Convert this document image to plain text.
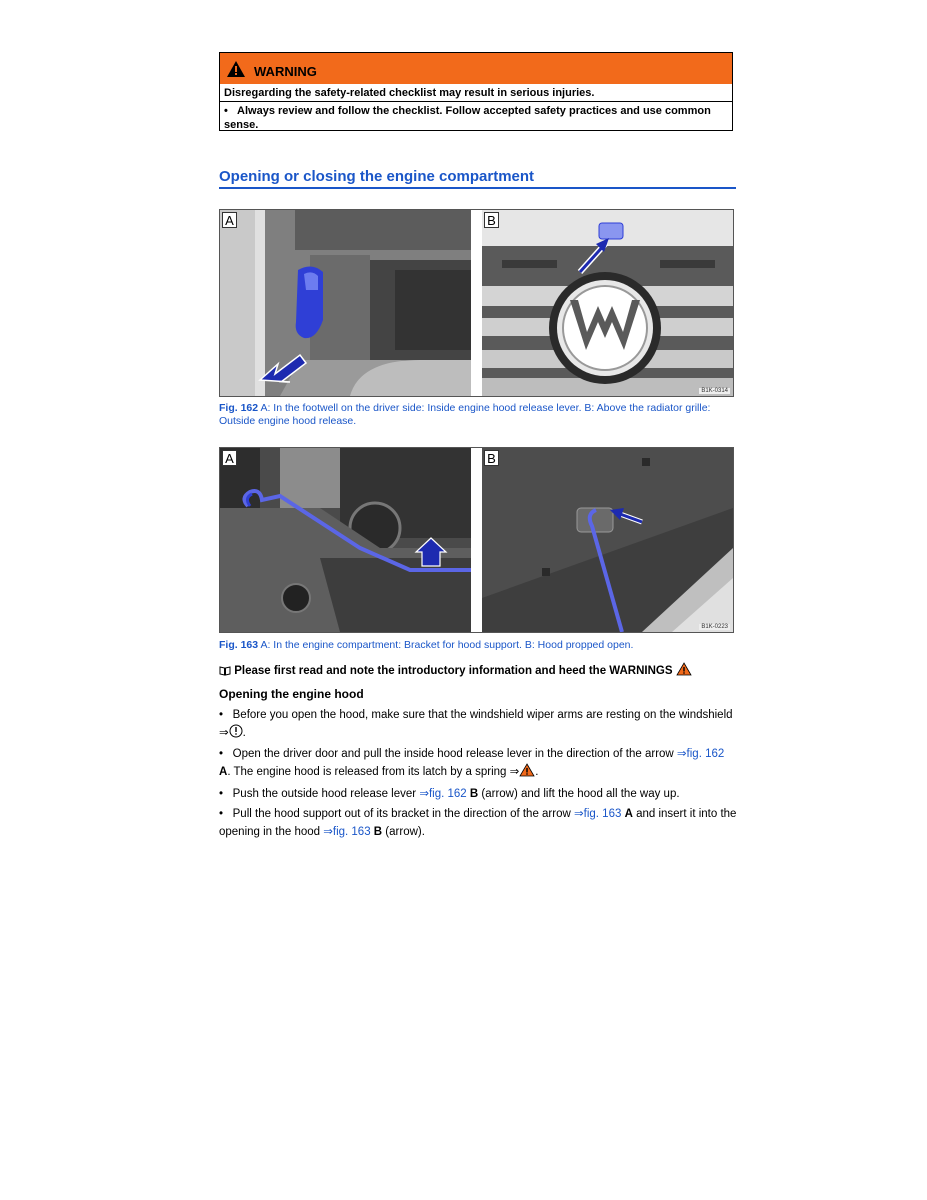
WARNING
Disregarding the safety-related checklist may result in serious injuries.
• Always review and follow the checklist. Follow accepted safety practices and use common sense.
Opening or closing the engine compartment
A	B
B1K-0314
Fig. 162 A: In the footwell on the driver side: Inside engine hood release lever. B: Above the radiator grille: Outside engine hood release.
A	B
B1K-0223
Fig. 163 A: In the engine compartment: Bracket for hood support. B: Hood propped open.
Please first read and note the introductory information and heed the WARNINGS
Opening the engine hood
• Before you open the hood, make sure that the windshield wiper arms are resting on the windshield
⇒ .
• Open the driver door and pull the inside hood release lever in the direction of the arrow ⇒fig. 162
A. The engine hood is released from its latch by a spring ⇒ .
• Push the outside hood release lever ⇒fig. 162 B (arrow) and lift the hood all the way up.
• Pull the hood support out of its bracket in the direction of the arrow ⇒fig. 163 A and insert it into the opening in the hood ⇒fig. 163 B (arrow).
